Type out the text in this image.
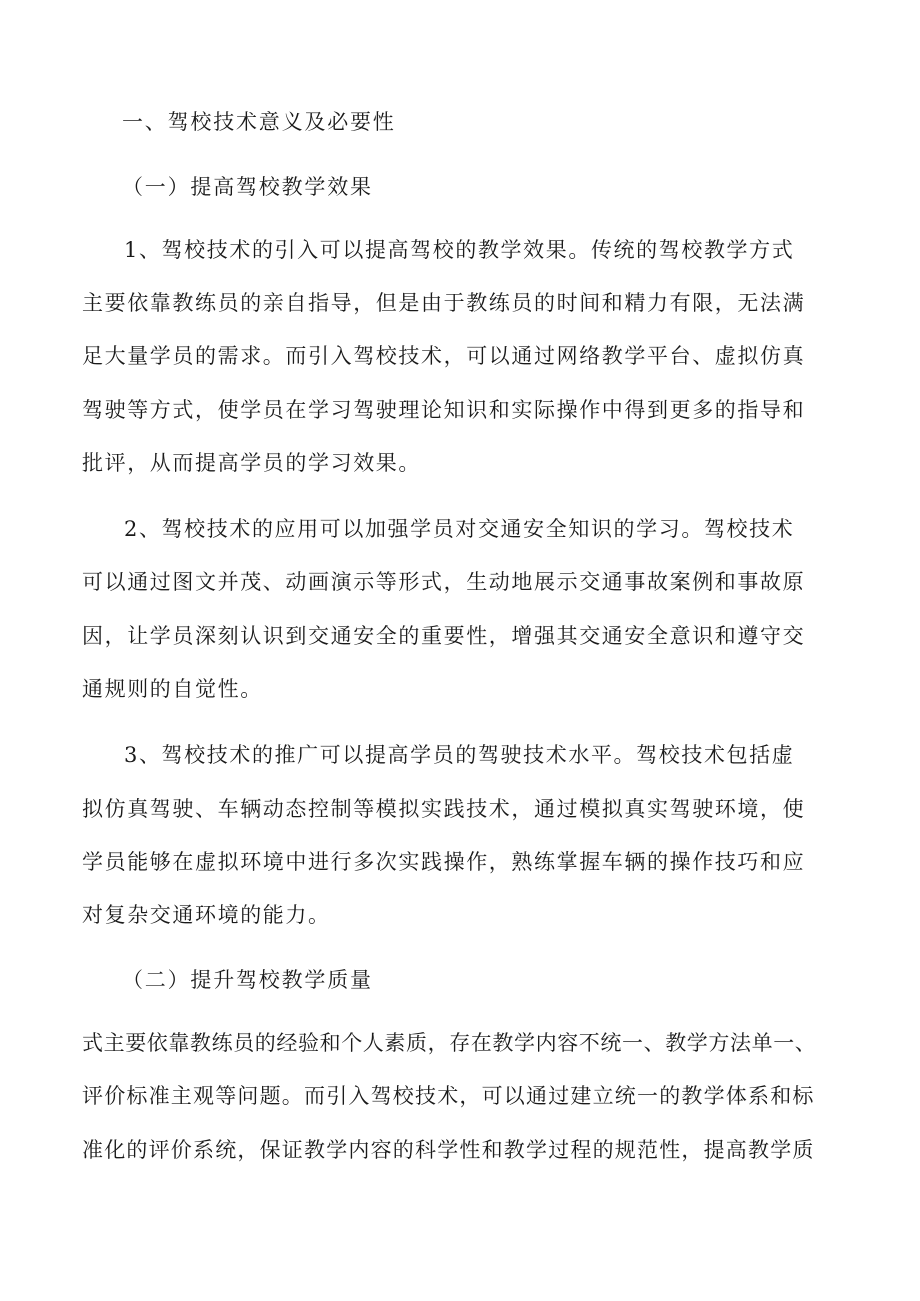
一、驾校技术意义及必要性
（一）提高驾校教学效果
1、驾校技术的引入可以提高驾校的教学效果。传统的驾校教学方式
主要依靠教练员的亲自指导，但是由于教练员的时间和精力有限，无法满
足大量学员的需求。而引入驾校技术，可以通过网络教学平台、虚拟仿真
驾驶等方式，使学员在学习驾驶理论知识和实际操作中得到更多的指导和
批评，从而提高学员的学习效果。
2、驾校技术的应用可以加强学员对交通安全知识的学习。驾校技术
可以通过图文并茂、动画演示等形式，生动地展示交通事故案例和事故原
因，让学员深刻认识到交通安全的重要性，增强其交通安全意识和遵守交
通规则的自觉性。
3、驾校技术的推广可以提高学员的驾驶技术水平。驾校技术包括虚
拟仿真驾驶、车辆动态控制等模拟实践技术，通过模拟真实驾驶环境，使
学员能够在虚拟环境中进行多次实践操作，熟练掌握车辆的操作技巧和应
对复杂交通环境的能力。
（二）提升驾校教学质量
式主要依靠教练员的经验和个人素质，存在教学内容不统一、教学方法单一、
评价标准主观等问题。而引入驾校技术，可以通过建立统一的教学体系和标
准化的评价系统，保证教学内容的科学性和教学过程的规范性，提高教学质
